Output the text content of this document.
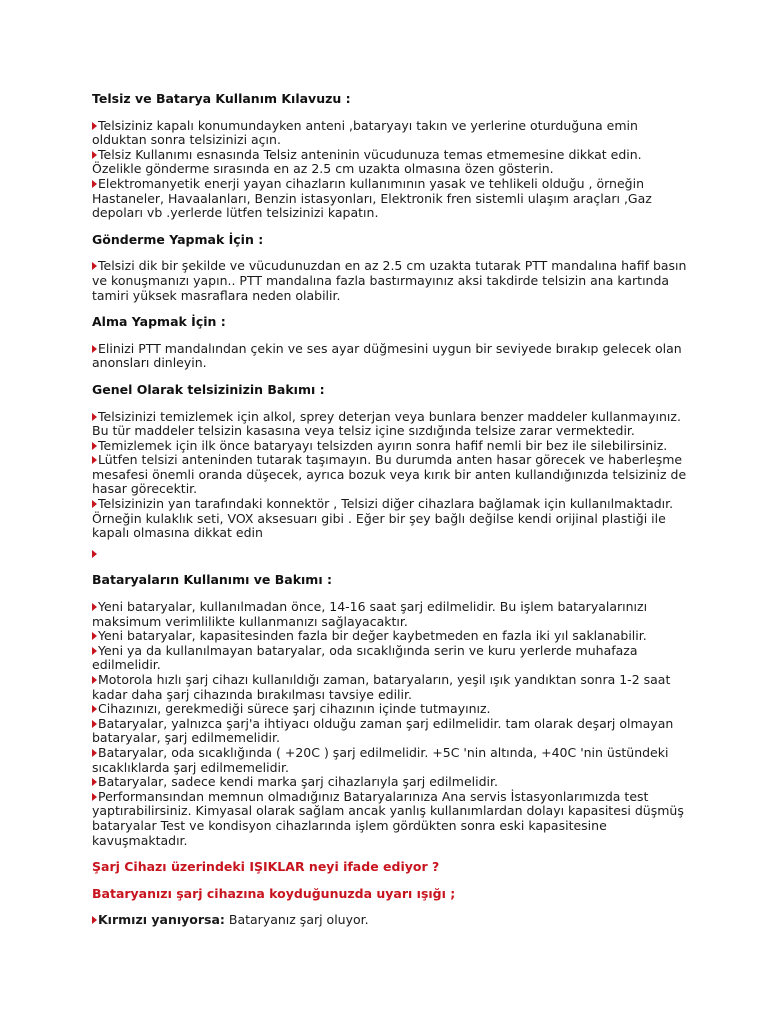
Telsiz ve Batarya Kullanım Kılavuzu :
Telsiziniz kapalı konumundayken anteni ,bataryayı takın ve yerlerine oturduğuna emin olduktan sonra telsizinizi açın.
Telsiz Kullanımı esnasında Telsiz anteninin vücudunuza temas etmemesine dikkat edin. Özelikle gönderme sırasında en az 2.5 cm uzakta olmasına özen gösterin.
Elektromanyetik enerji yayan cihazların kullanımının yasak ve tehlikeli olduğu , örneğin Hastaneler, Havaalanları, Benzin istasyonları, Elektronik fren sistemli ulaşım araçları ,Gaz depoları vb .yerlerde lütfen telsizinizi kapatın.
Gönderme Yapmak İçin :
Telsizi dik bir şekilde ve vücudunuzdan en az 2.5 cm uzakta tutarak PTT mandalına hafif basın ve konuşmanızı yapın.. PTT mandalına fazla bastırmayınız aksi takdirde telsizin ana kartında tamiri yüksek masraflara neden olabilir.
Alma Yapmak İçin :
Elinizi PTT mandalından çekin ve ses ayar düğmesini uygun bir seviyede bırakıp gelecek olan anonsları dinleyin.
Genel Olarak telsizinizin Bakımı :
Telsizinizi temizlemek için alkol, sprey deterjan veya bunlara benzer maddeler kullanmayınız. Bu tür maddeler telsizin kasasına veya telsiz içine sızdığında telsize zarar vermektedir.
Temizlemek için ilk önce bataryayı telsizden ayırın sonra hafif nemli bir bez ile silebilirsiniz.
Lütfen telsizi anteninden tutarak taşımayın. Bu durumda anten hasar görecek ve haberleşme mesafesi önemli oranda düşecek, ayrıca bozuk veya kırık bir anten kullandığınızda telsiziniz de hasar görecektir.
Telsizinizin yan tarafındaki konnektör , Telsizi diğer cihazlara bağlamak için kullanılmaktadır. Örneğin kulaklık seti, VOX aksesuarı gibi . Eğer bir şey bağlı değilse kendi orijinal plastiği ile kapalı olmasına dikkat edin
Bataryaların Kullanımı ve Bakımı :
Yeni bataryalar, kullanılmadan önce, 14-16 saat şarj edilmelidir. Bu işlem bataryalarınızı maksimum verimlilikte kullanmanızı sağlayacaktır.
Yeni bataryalar, kapasitesinden fazla bir değer kaybetmeden en fazla iki yıl saklanabilir.
Yeni ya da kullanılmayan bataryalar, oda sıcaklığında serin ve kuru yerlerde muhafaza edilmelidir.
Motorola hızlı şarj cihazı kullanıldığı zaman, bataryaların, yeşil ışık yandıktan sonra 1-2 saat kadar daha şarj cihazında bırakılması tavsiye edilir.
Cihazınızı, gerekmediği sürece şarj cihazının içinde tutmayınız.
Bataryalar, yalnızca şarj'a ihtiyacı olduğu zaman şarj edilmelidir. tam olarak deşarj olmayan bataryalar, şarj edilmemelidir.
Bataryalar, oda sıcaklığında ( +20C ) şarj edilmelidir. +5C 'nin altında, +40C 'nin üstündeki sıcaklıklarda şarj edilmemelidir.
Bataryalar, sadece kendi marka şarj cihazlarıyla şarj edilmelidir.
Performansından memnun olmadığınız Bataryalarınıza Ana servis İstasyonlarımızda test yaptırabilirsiniz. Kimyasal olarak sağlam ancak yanlış kullanımlardan dolayı kapasitesi düşmüş bataryalar Test ve kondisyon cihazlarında işlem gördükten sonra eski kapasitesine kavuşmaktadır.
Şarj Cihazı üzerindeki IŞIKLAR neyi ifade ediyor ?
Bataryanızı şarj cihazına koyduğunuzda uyarı ışığı ;
Kırmızı yanıyorsa: Bataryanız şarj oluyor.
